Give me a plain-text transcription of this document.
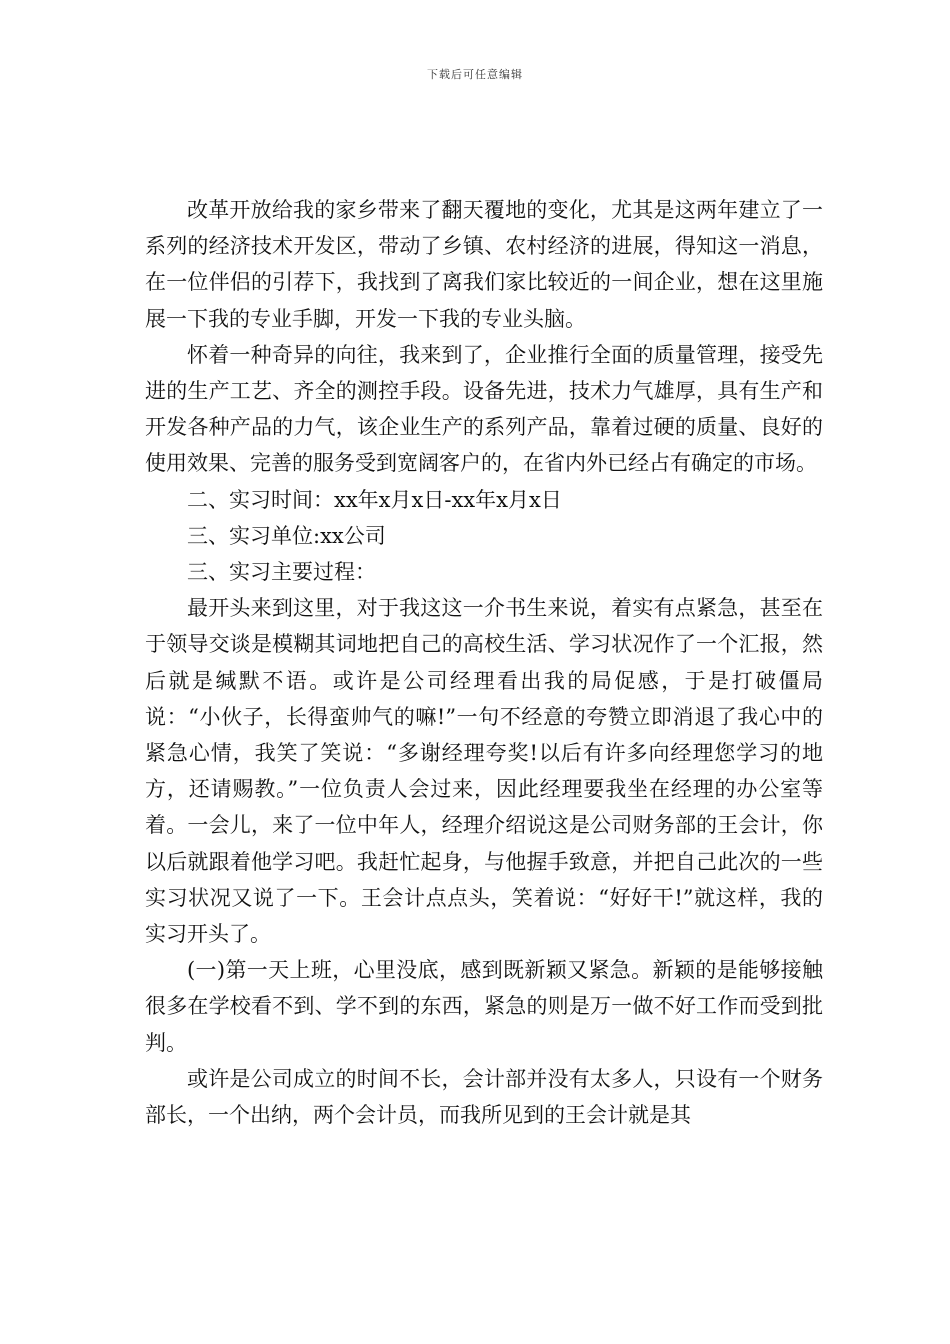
下载后可任意编辑

改革开放给我的家乡带来了翻天覆地的变化，尤其是这两年建立了一系列的经济技术开发区，带动了乡镇、农村经济的进展，得知这一消息，在一位伴侣的引荐下，我找到了离我们家比较近的一间企业，想在这里施展一下我的专业手脚，开发一下我的专业头脑。

怀着一种奇异的向往，我来到了，企业推行全面的质量管理，接受先进的生产工艺、齐全的测控手段。设备先进，技术力气雄厚，具有生产和开发各种产品的力气，该企业生产的系列产品，靠着过硬的质量、良好的使用效果、完善的服务受到宽阔客户的，在省内外已经占有确定的市场。

二、实习时间：xx年x月x日-xx年x月x日

三、实习单位:xx公司

三、实习主要过程：

最开头来到这里，对于我这这一介书生来说，着实有点紧急，甚至在于领导交谈是模糊其词地把自己的高校生活、学习状况作了一个汇报，然后就是缄默不语。或许是公司经理看出我的局促感，于是打破僵局说：“小伙子，长得蛮帅气的嘛!”一句不经意的夸赞立即消退了我心中的紧急心情，我笑了笑说：“多谢经理夸奖!以后有许多向经理您学习的地方，还请赐教。”一位负责人会过来，因此经理要我坐在经理的办公室等着。一会儿，来了一位中年人，经理介绍说这是公司财务部的王会计，你以后就跟着他学习吧。我赶忙起身，与他握手致意，并把自己此次的一些实习状况又说了一下。王会计点点头，笑着说：“好好干!”就这样，我的实习开头了。

(一)第一天上班，心里没底，感到既新颖又紧急。新颖的是能够接触很多在学校看不到、学不到的东西，紧急的则是万一做不好工作而受到批判。

或许是公司成立的时间不长，会计部并没有太多人，只设有一个财务部长，一个出纳，两个会计员，而我所见到的王会计就是其
